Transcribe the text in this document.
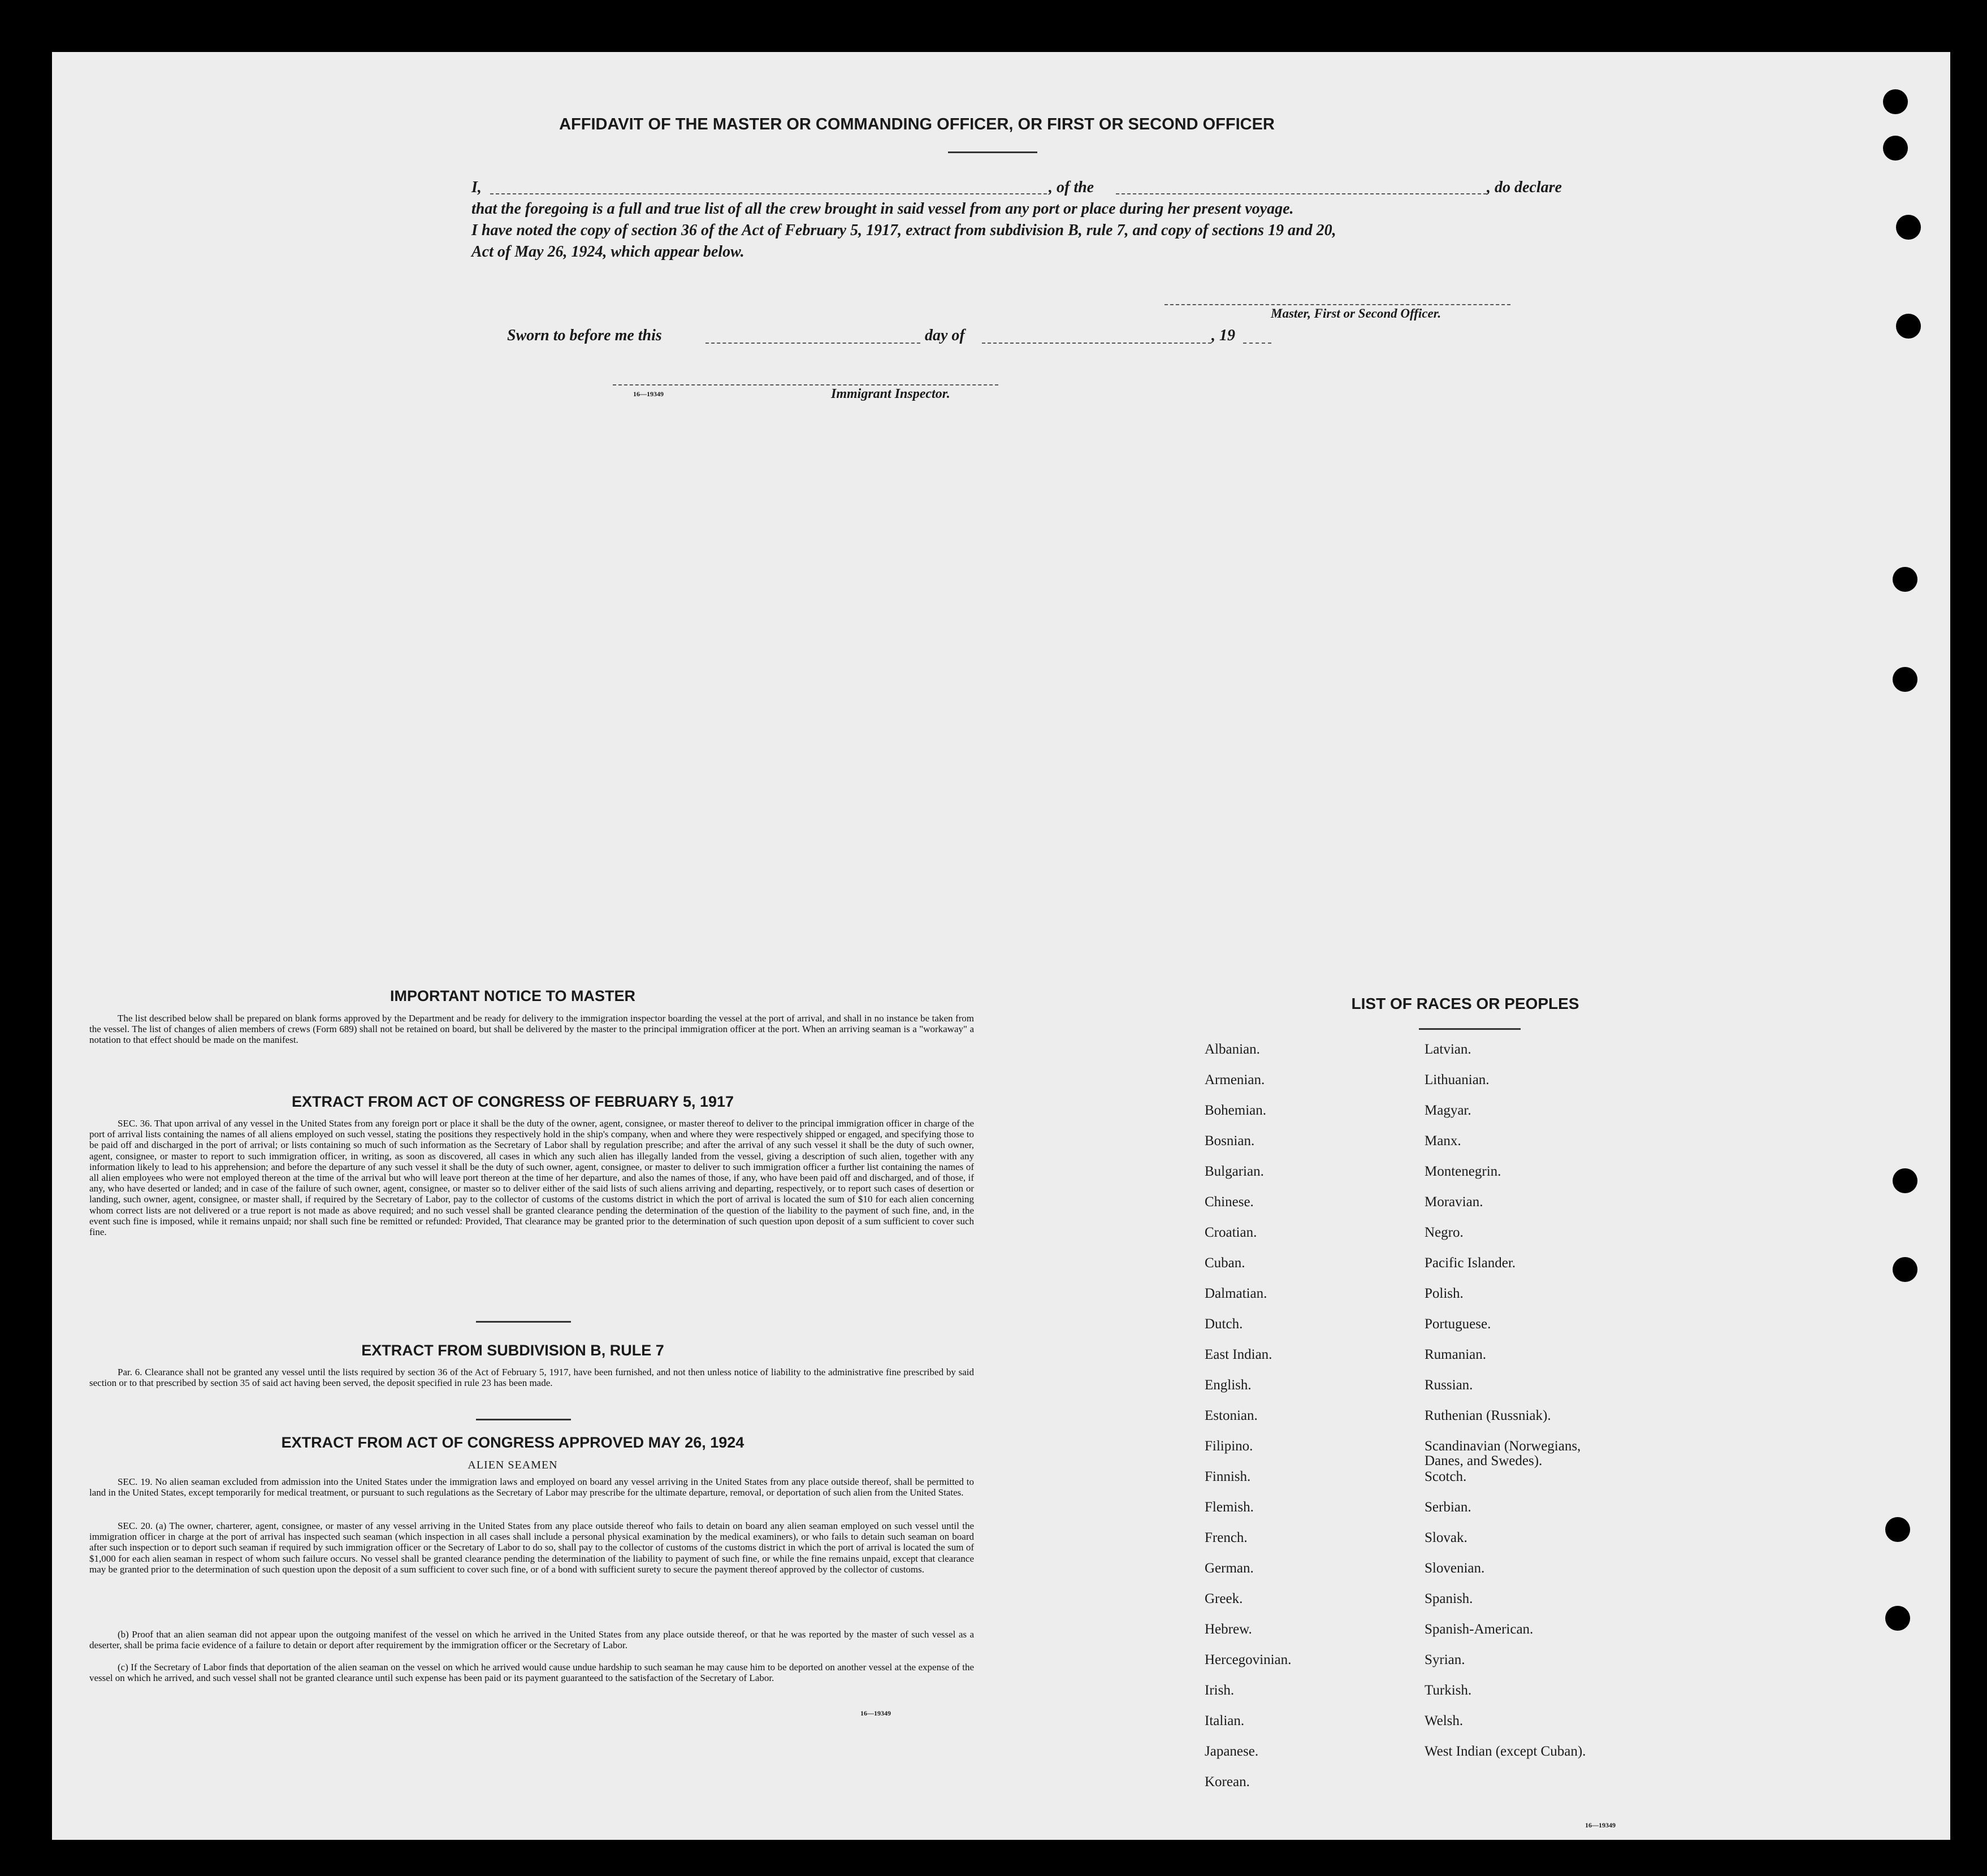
AFFIDAVIT OF THE MASTER OR COMMANDING OFFICER, OR FIRST OR SECOND OFFICER
I,	, of the	, do declare
that the foregoing is a full and true list of all the crew brought in said vessel from any port or place during her present voyage.
I have noted the copy of section 36 of the Act of February 5, 1917, extract from subdivision B, rule 7, and copy of sections 19 and 20,
Act of May 26, 1924, which appear below.
Master, First or Second Officer.
Sworn to before me this	day of	, 19
16—19349	Immigrant Inspector.
IMPORTANT NOTICE TO MASTER
The list described below shall be prepared on blank forms approved by the Department and be ready for delivery to the immigration inspector boarding the vessel at the port of arrival, and shall in no instance be taken from the vessel. The list of changes of alien members of crews (Form 689) shall not be retained on board, but shall be delivered by the master to the principal immigration officer at the port. When an arriving seaman is a "workaway" a notation to that effect should be made on the manifest.
EXTRACT FROM ACT OF CONGRESS OF FEBRUARY 5, 1917
SEC. 36. That upon arrival of any vessel in the United States from any foreign port or place it shall be the duty of the owner, agent, consignee, or master thereof to deliver to the principal immigration officer in charge of the port of arrival lists containing the names of all aliens employed on such vessel, stating the positions they respectively hold in the ship's company, when and where they were respectively shipped or engaged, and specifying those to be paid off and discharged in the port of arrival; or lists containing so much of such information as the Secretary of Labor shall by regulation prescribe; and after the arrival of any such vessel it shall be the duty of such owner, agent, consignee, or master to report to such immigration officer, in writing, as soon as discovered, all cases in which any such alien has illegally landed from the vessel, giving a description of such alien, together with any information likely to lead to his apprehension; and before the departure of any such vessel it shall be the duty of such owner, agent, consignee, or master to deliver to such immigration officer a further list containing the names of all alien employees who were not employed thereon at the time of the arrival but who will leave port thereon at the time of her departure, and also the names of those, if any, who have been paid off and discharged, and of those, if any, who have deserted or landed; and in case of the failure of such owner, agent, consignee, or master so to deliver either of the said lists of such aliens arriving and departing, respectively, or to report such cases of desertion or landing, such owner, agent, consignee, or master shall, if required by the Secretary of Labor, pay to the collector of customs of the customs district in which the port of arrival is located the sum of $10 for each alien concerning whom correct lists are not delivered or a true report is not made as above required; and no such vessel shall be granted clearance pending the determination of the question of the liability to the payment of such fine, and, in the event such fine is imposed, while it remains unpaid; nor shall such fine be remitted or refunded: Provided, That clearance may be granted prior to the determination of such question upon deposit of a sum sufficient to cover such fine.
EXTRACT FROM SUBDIVISION B, RULE 7
Par. 6. Clearance shall not be granted any vessel until the lists required by section 36 of the Act of February 5, 1917, have been furnished, and not then unless notice of liability to the administrative fine prescribed by said section or to that prescribed by section 35 of said act having been served, the deposit specified in rule 23 has been made.
EXTRACT FROM ACT OF CONGRESS APPROVED MAY 26, 1924
ALIEN SEAMEN
SEC. 19. No alien seaman excluded from admission into the United States under the immigration laws and employed on board any vessel arriving in the United States from any place outside thereof, shall be permitted to land in the United States, except temporarily for medical treatment, or pursuant to such regulations as the Secretary of Labor may prescribe for the ultimate departure, removal, or deportation of such alien from the United States.
SEC. 20. (a) The owner, charterer, agent, consignee, or master of any vessel arriving in the United States from any place outside thereof who fails to detain on board any alien seaman employed on such vessel until the immigration officer in charge at the port of arrival has inspected such seaman (which inspection in all cases shall include a personal physical examination by the medical examiners), or who fails to detain such seaman on board after such inspection or to deport such seaman if required by such immigration officer or the Secretary of Labor to do so, shall pay to the collector of customs of the customs district in which the port of arrival is located the sum of $1,000 for each alien seaman in respect of whom such failure occurs. No vessel shall be granted clearance pending the determination of the liability to payment of such fine, or while the fine remains unpaid, except that clearance may be granted prior to the determination of such question upon the deposit of a sum sufficient to cover such fine, or of a bond with sufficient surety to secure the payment thereof approved by the collector of customs.
(b) Proof that an alien seaman did not appear upon the outgoing manifest of the vessel on which he arrived in the United States from any place outside thereof, or that he was reported by the master of such vessel as a deserter, shall be prima facie evidence of a failure to detain or deport after requirement by the immigration officer or the Secretary of Labor.
(c) If the Secretary of Labor finds that deportation of the alien seaman on the vessel on which he arrived would cause undue hardship to such seaman he may cause him to be deported on another vessel at the expense of the vessel on which he arrived, and such vessel shall not be granted clearance until such expense has been paid or its payment guaranteed to the satisfaction of the Secretary of Labor.
16—19349
LIST OF RACES OR PEOPLES
Albanian.
Armenian.
Bohemian.
Bosnian.
Bulgarian.
Chinese.
Croatian.
Cuban.
Dalmatian.
Dutch.
East Indian.
English.
Estonian.
Filipino.
Finnish.
Flemish.
French.
German.
Greek.
Hebrew.
Hercegovinian.
Irish.
Italian.
Japanese.
Korean.
Latvian.
Lithuanian.
Magyar.
Manx.
Montenegrin.
Moravian.
Negro.
Pacific Islander.
Polish.
Portuguese.
Rumanian.
Russian.
Ruthenian (Russniak).
Scandinavian (Norwegians,
Danes, and Swedes).
Scotch.
Serbian.
Slovak.
Slovenian.
Spanish.
Spanish-American.
Syrian.
Turkish.
Welsh.
West Indian (except Cuban).
16—19349
